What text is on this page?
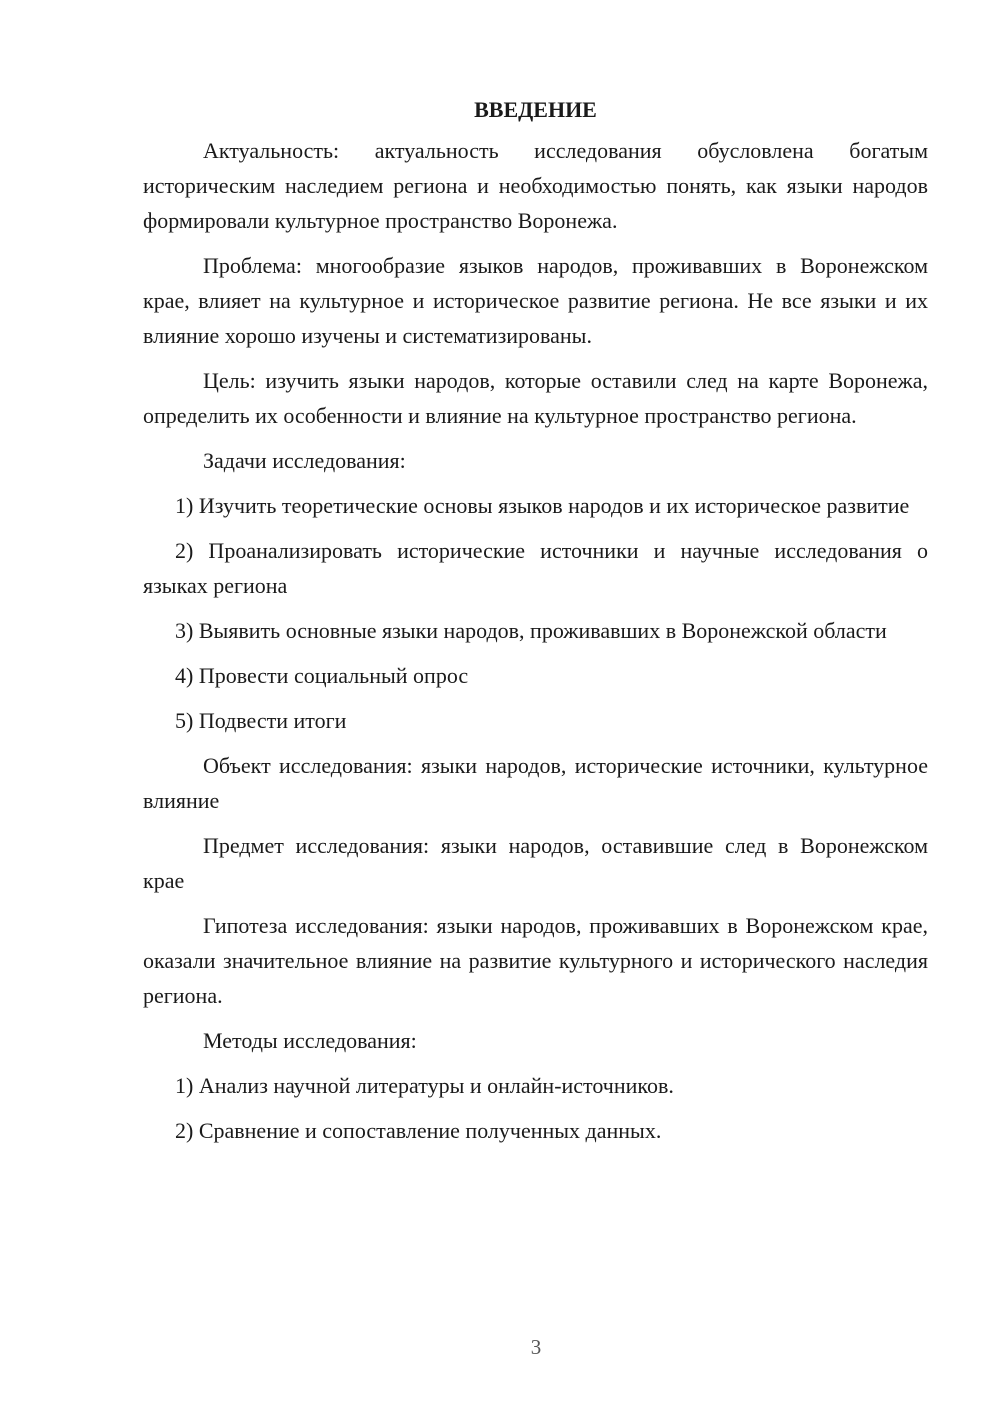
ВВЕДЕНИЕ

Актуальность: актуальность исследования обусловлена богатым историческим наследием региона и необходимостью понять, как языки народов формировали культурное пространство Воронежа.

Проблема: многообразие языков народов, проживавших в Воронежском крае, влияет на культурное и историческое развитие региона. Не все языки и их влияние хорошо изучены и систематизированы.

Цель: изучить языки народов, которые оставили след на карте Воронежа, определить их особенности и влияние на культурное пространство региона.

Задачи исследования:

1) Изучить теоретические основы языков народов и их историческое развитие

2) Проанализировать исторические источники и научные исследования о языках региона

3) Выявить основные языки народов, проживавших в Воронежской области

4) Провести социальный опрос

5) Подвести итоги

Объект исследования: языки народов, исторические источники, культурное влияние

Предмет исследования: языки народов, оставившие след в Воронежском крае

Гипотеза исследования: языки народов, проживавших в Воронежском крае, оказали значительное влияние на развитие культурного и исторического наследия региона.

Методы исследования:

1) Анализ научной литературы и онлайн-источников.

2) Сравнение и сопоставление полученных данных.

3
